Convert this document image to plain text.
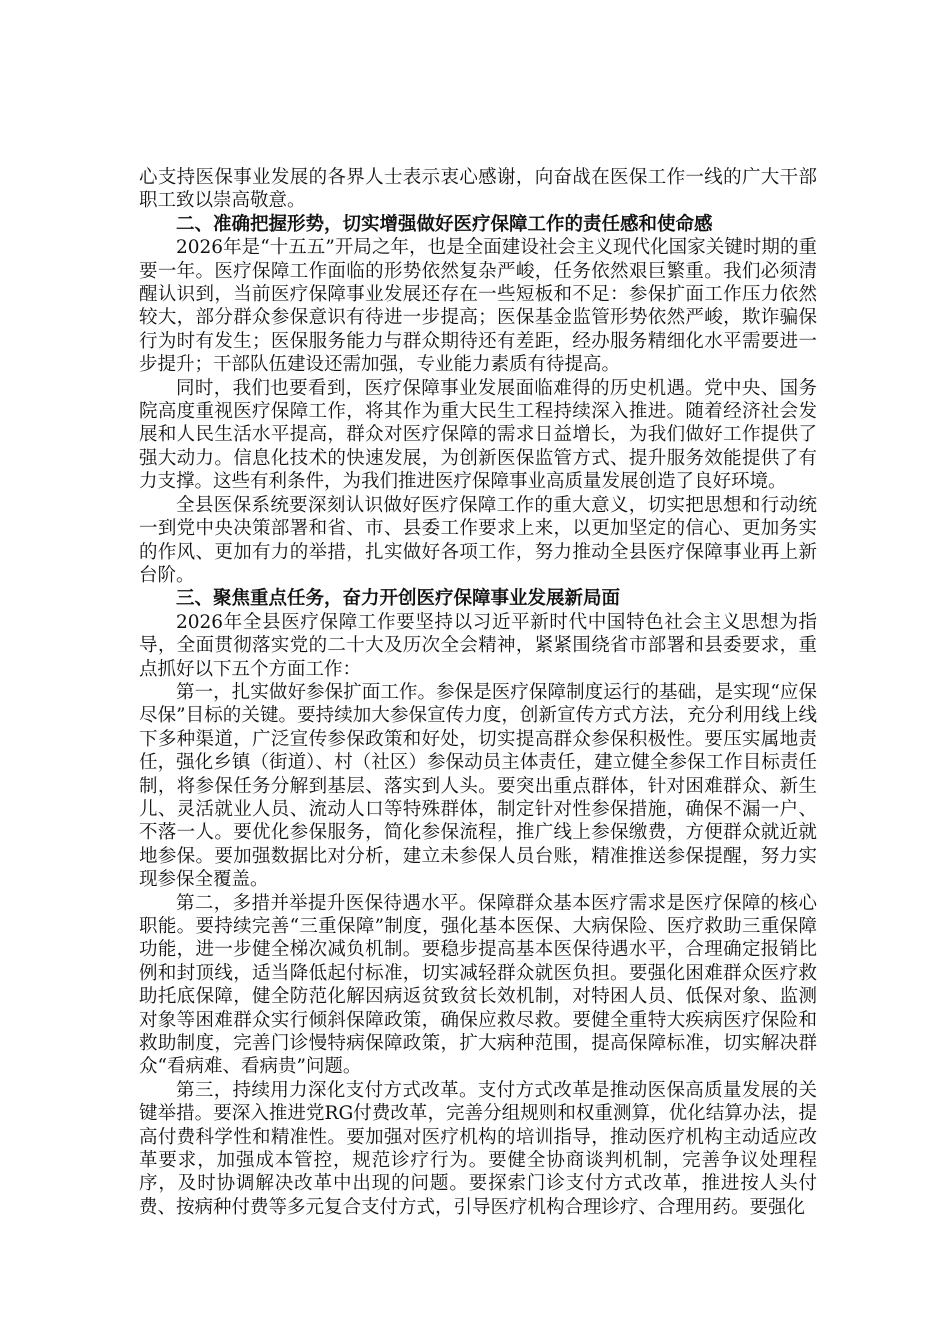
心支持医保事业发展的各界人士表示衷心感谢，向奋战在医保工作一线的广大干部职工致以崇高敬意。

二、准确把握形势，切实增强做好医疗保障工作的责任感和使命感

2026年是“十五五”开局之年，也是全面建设社会主义现代化国家关键时期的重要一年。医疗保障工作面临的形势依然复杂严峻，任务依然艰巨繁重。我们必须清醒认识到，当前医疗保障事业发展还存在一些短板和不足：参保扩面工作压力依然较大，部分群众参保意识有待进一步提高；医保基金监管形势依然严峻，欺诈骗保行为时有发生；医保服务能力与群众期待还有差距，经办服务精细化水平需要进一步提升；干部队伍建设还需加强，专业能力素质有待提高。

同时，我们也要看到，医疗保障事业发展面临难得的历史机遇。党中央、国务院高度重视医疗保障工作，将其作为重大民生工程持续深入推进。随着经济社会发展和人民生活水平提高，群众对医疗保障的需求日益增长，为我们做好工作提供了强大动力。信息化技术的快速发展，为创新医保监管方式、提升服务效能提供了有力支撑。这些有利条件，为我们推进医疗保障事业高质量发展创造了良好环境。

全县医保系统要深刻认识做好医疗保障工作的重大意义，切实把思想和行动统一到党中央决策部署和省、市、县委工作要求上来，以更加坚定的信心、更加务实的作风、更加有力的举措，扎实做好各项工作，努力推动全县医疗保障事业再上新台阶。

三、聚焦重点任务，奋力开创医疗保障事业发展新局面

2026年全县医疗保障工作要坚持以习近平新时代中国特色社会主义思想为指导，全面贯彻落实党的二十大及历次全会精神，紧紧围绕省市部署和县委要求，重点抓好以下五个方面工作：

第一，扎实做好参保扩面工作。参保是医疗保障制度运行的基础，是实现“应保尽保”目标的关键。要持续加大参保宣传力度，创新宣传方式方法，充分利用线上线下多种渠道，广泛宣传参保政策和好处，切实提高群众参保积极性。要压实属地责任，强化乡镇（街道）、村（社区）参保动员主体责任，建立健全参保工作目标责任制，将参保任务分解到基层、落实到人头。要突出重点群体，针对困难群众、新生儿、灵活就业人员、流动人口等特殊群体，制定针对性参保措施，确保不漏一户、不落一人。要优化参保服务，简化参保流程，推广线上参保缴费，方便群众就近就地参保。要加强数据比对分析，建立未参保人员台账，精准推送参保提醒，努力实现参保全覆盖。

第二，多措并举提升医保待遇水平。保障群众基本医疗需求是医疗保障的核心职能。要持续完善“三重保障”制度，强化基本医保、大病保险、医疗救助三重保障功能，进一步健全梯次减负机制。要稳步提高基本医保待遇水平，合理确定报销比例和封顶线，适当降低起付标准，切实减轻群众就医负担。要强化困难群众医疗救助托底保障，健全防范化解因病返贫致贫长效机制，对特困人员、低保对象、监测对象等困难群众实行倾斜保障政策，确保应救尽救。要健全重特大疾病医疗保险和救助制度，完善门诊慢特病保障政策，扩大病种范围，提高保障标准，切实解决群众“看病难、看病贵”问题。

第三，持续用力深化支付方式改革。支付方式改革是推动医保高质量发展的关键举措。要深入推进党RG付费改革，完善分组规则和权重测算，优化结算办法，提高付费科学性和精准性。要加强对医疗机构的培训指导，推动医疗机构主动适应改革要求，加强成本管控，规范诊疗行为。要健全协商谈判机制，完善争议处理程序，及时协调解决改革中出现的问题。要探索门诊支付方式改革，推进按人头付费、按病种付费等多元复合支付方式，引导医疗机构合理诊疗、合理用药。要强化
